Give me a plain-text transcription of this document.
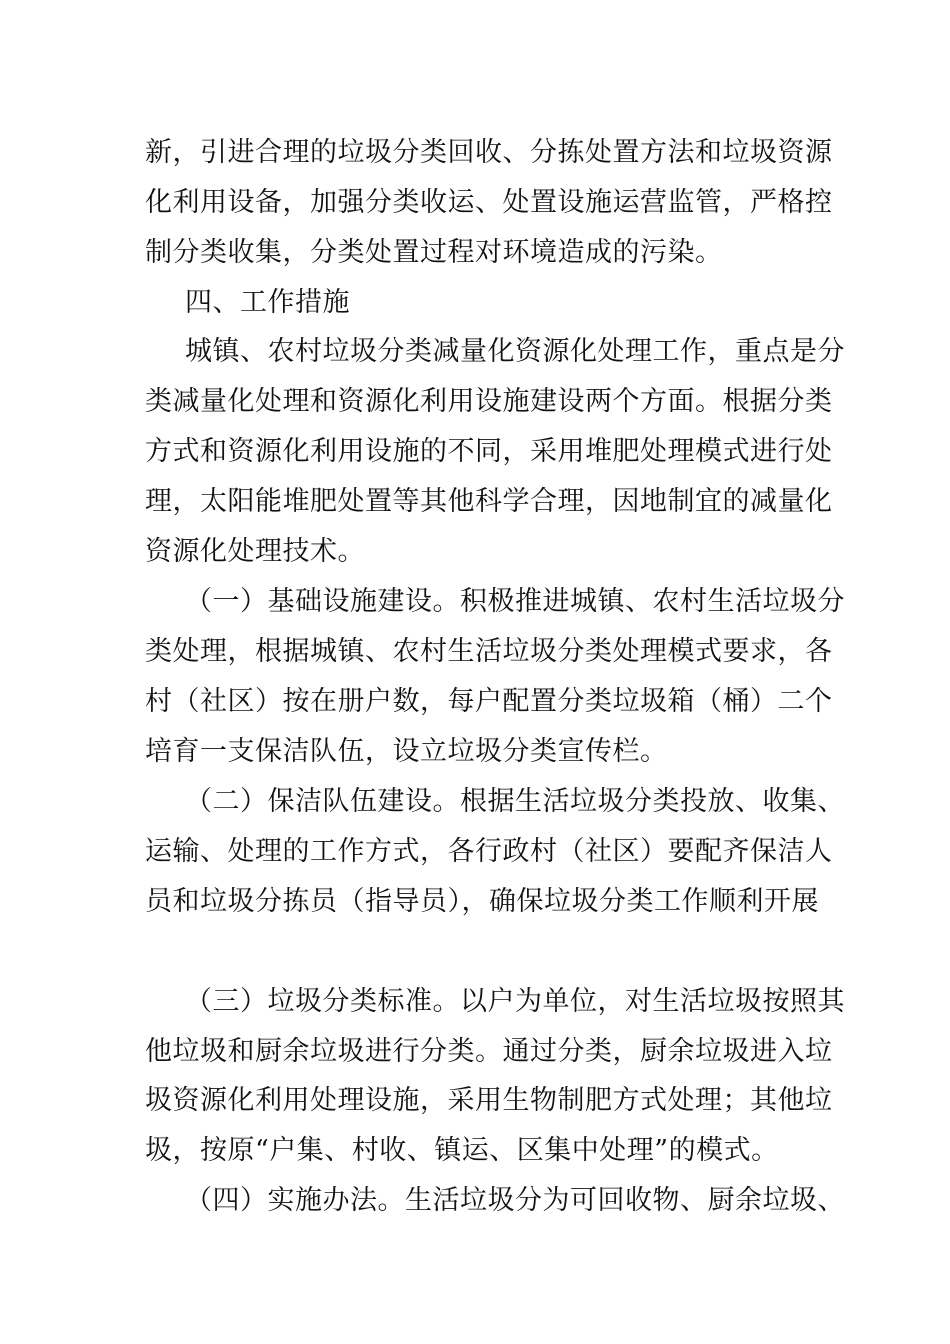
新，引进合理的垃圾分类回收、分拣处置方法和垃圾资源
化利用设备，加强分类收运、处置设施运营监管，严格控
制分类收集，分类处置过程对环境造成的污染。
四、工作措施
城镇、农村垃圾分类减量化资源化处理工作，重点是分
类减量化处理和资源化利用设施建设两个方面。根据分类
方式和资源化利用设施的不同，采用堆肥处理模式进行处
理，太阳能堆肥处置等其他科学合理，因地制宜的减量化
资源化处理技术。
（一）基础设施建设。积极推进城镇、农村生活垃圾分
类处理，根据城镇、农村生活垃圾分类处理模式要求，各
村（社区）按在册户数，每户配置分类垃圾箱（桶）二个
培育一支保洁队伍，设立垃圾分类宣传栏。
（二）保洁队伍建设。根据生活垃圾分类投放、收集、
运输、处理的工作方式，各行政村（社区）要配齐保洁人
员和垃圾分拣员（指导员），确保垃圾分类工作顺利开展
（三）垃圾分类标准。以户为单位，对生活垃圾按照其
他垃圾和厨余垃圾进行分类。通过分类，厨余垃圾进入垃
圾资源化利用处理设施，采用生物制肥方式处理；其他垃
圾，按原“户集、村收、镇运、区集中处理”的模式。
（四）实施办法。生活垃圾分为可回收物、厨余垃圾、
